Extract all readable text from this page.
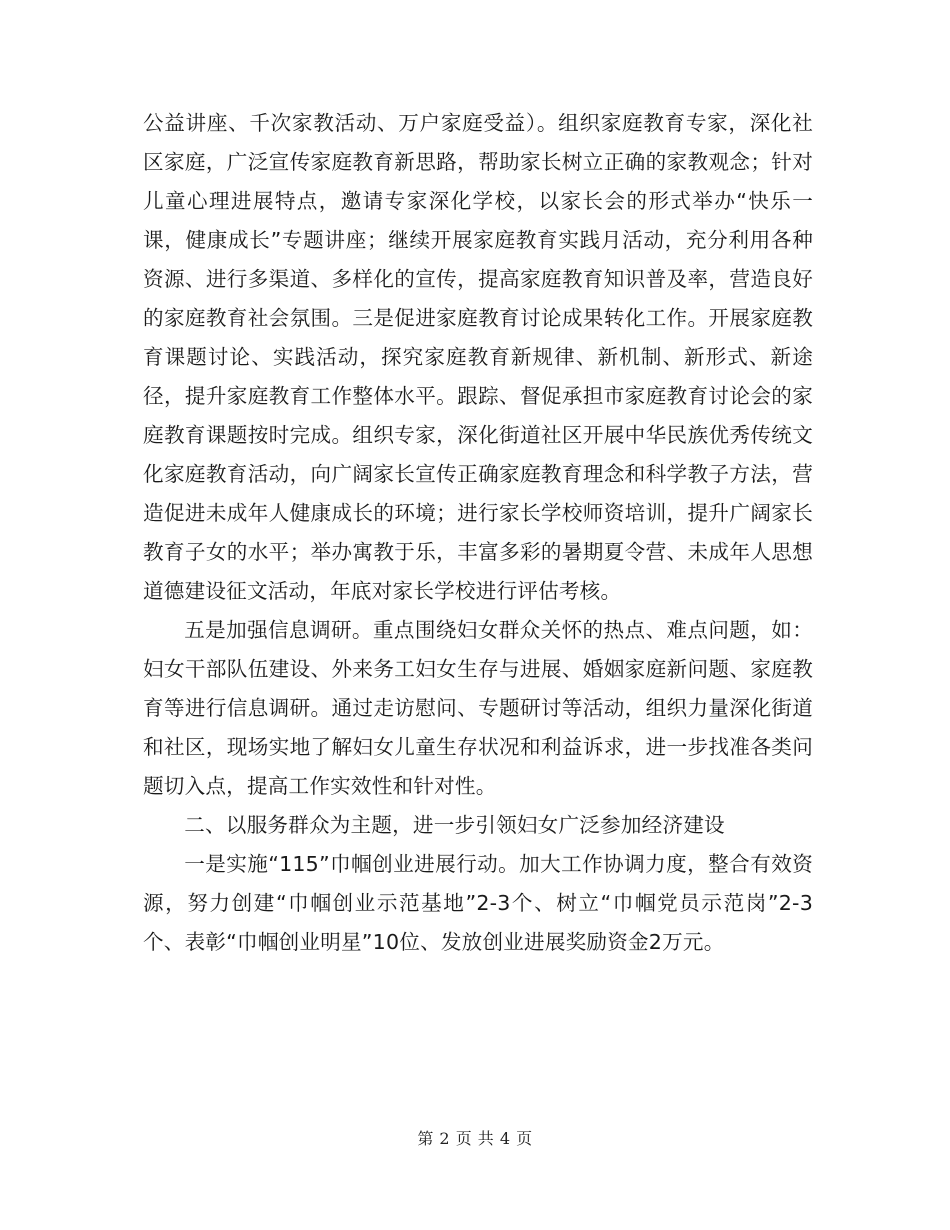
公益讲座、千次家教活动、万户家庭受益）。组织家庭教育专家，深化社区家庭，广泛宣传家庭教育新思路，帮助家长树立正确的家教观念；针对儿童心理进展特点，邀请专家深化学校，以家长会的形式举办“快乐一课，健康成长”专题讲座；继续开展家庭教育实践月活动，充分利用各种资源、进行多渠道、多样化的宣传，提高家庭教育知识普及率，营造良好的家庭教育社会氛围。三是促进家庭教育讨论成果转化工作。开展家庭教育课题讨论、实践活动，探究家庭教育新规律、新机制、新形式、新途径，提升家庭教育工作整体水平。跟踪、督促承担市家庭教育讨论会的家庭教育课题按时完成。组织专家，深化街道社区开展中华民族优秀传统文化家庭教育活动，向广阔家长宣传正确家庭教育理念和科学教子方法，营造促进未成年人健康成长的环境；进行家长学校师资培训，提升广阔家长教育子女的水平；举办寓教于乐，丰富多彩的暑期夏令营、未成年人思想道德建设征文活动，年底对家长学校进行评估考核。

五是加强信息调研。重点围绕妇女群众关怀的热点、难点问题，如：妇女干部队伍建设、外来务工妇女生存与进展、婚姻家庭新问题、家庭教育等进行信息调研。通过走访慰问、专题研讨等活动，组织力量深化街道和社区，现场实地了解妇女儿童生存状况和利益诉求，进一步找准各类问题切入点，提高工作实效性和针对性。

二、以服务群众为主题，进一步引领妇女广泛参加经济建设

一是实施“115”巾帼创业进展行动。加大工作协调力度，整合有效资源，努力创建“巾帼创业示范基地”2-3个、树立“巾帼党员示范岗”2-3个、表彰“巾帼创业明星”10位、发放创业进展奖励资金2万元。

第 2 页 共 4 页
